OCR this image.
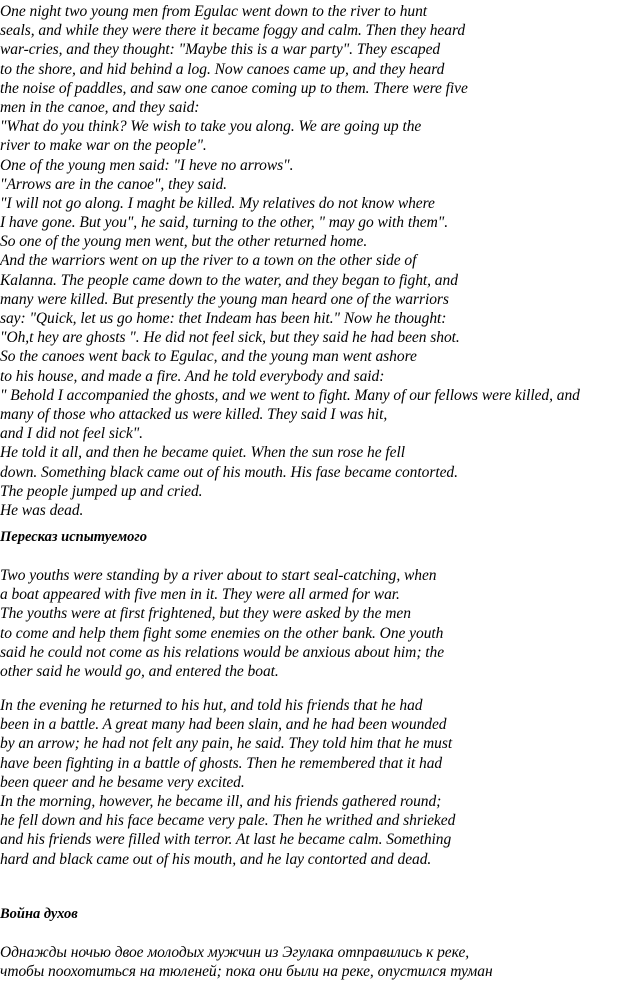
One night two young men from Egulac went down to the river to hunt
seals, and while they were there it became foggy and calm. Then they heard
war-cries, and they thought: "Maybe this is a war party". They escaped
to the shore, and hid behind a log. Now canoes came up, and they heard
the noise of paddles, and saw one canoe coming up to them. There were five
men in the canoe, and they said:
"What do you think? We wish to take you along. We are going up the
river to make war on the people".
One of the young men said: "I heve no arrows".
"Arrows are in the canoe", they said.
"I will not go along. I maght be killed. My relatives do not know where
I have gone. But you", he said, turning to the other, " may go with them".
So one of the young men went, but the other returned home.
And the warriors went on up the river to a town on the other side of
Kalanna. The people came down to the water, and they began to fight, and
many were killed. But presently the young man heard one of the warriors
say: "Quick, let us go home: thet Indeam has been hit." Now he thought:
"Oh,t hey are ghosts ". He did not feel sick, but they said he had been shot.
So the canoes went back to Egulac, and the young man went ashore
to his house, and made a fire. And he told everybody and said:
" Behold I accompanied the ghosts, and we went to fight. Many of our fellows were killed, and
many of those who attacked us were killed. They said I was hit,
and I did not feel sick".
He told it all, and then he became quiet. When the sun rose he fell
down. Something black came out of his mouth. His fase became contorted.
The people jumped up and cried.
He was dead.
Пересказ испытуемого
Two youths were standing by a river about to start seal-catching, when
a boat appeared with five men in it. They were all armed for war.
The youths were at first frightened, but they were asked by the men
to come and help them fight some enemies on the other bank. One youth
said he could not come as his relations would be anxious about him; the
other said he would go, and entered the boat.
In the evening he returned to his hut, and told his friends that he had
been in a battle. A great many had been slain, and he had been wounded
by an arrow; he had not felt any pain, he said. They told him that he must
have been fighting in a battle of ghosts. Then he remembered that it had
been queer and he besame very excited.
In the morning, however, he became ill, and his friends gathered round;
he fell down and his face became very pale. Then he writhed and shrieked
and his friends were filled with terror. At last he became calm. Something
hard and black came out of his mouth, and he lay contorted and dead.
Война духов
Однажды ночью двое молодых мужчин из Эгулака отправились к реке,
чтобы поохотиться на тюленей; пока они были на реке, опустился туман
